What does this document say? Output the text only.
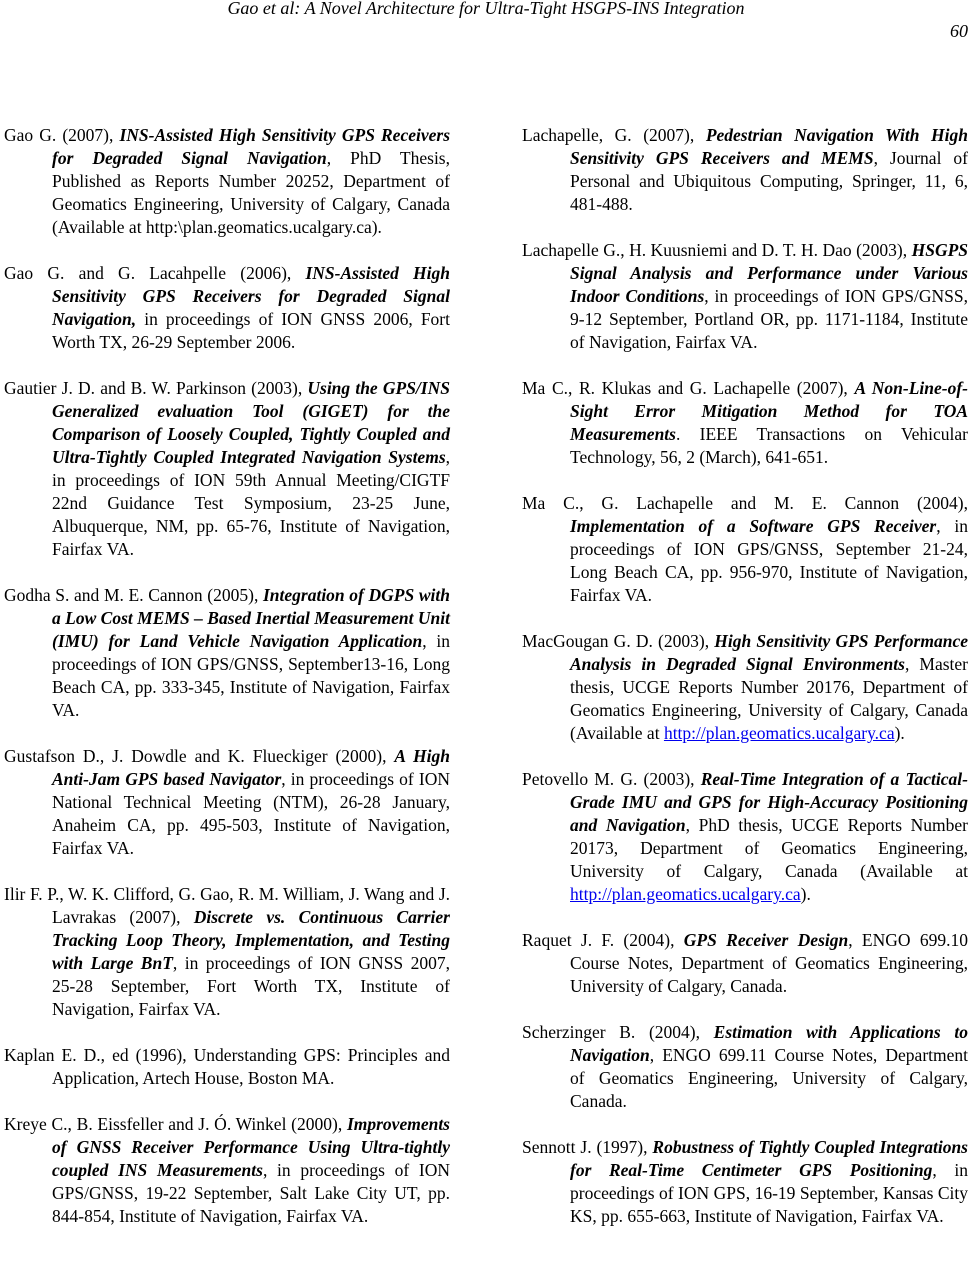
Gao et al: A Novel Architecture for Ultra-Tight HSGPS-INS Integration
60

Gao G. (2007), INS-Assisted High Sensitivity GPS Receivers for Degraded Signal Navigation, PhD Thesis, Published as Reports Number 20252, Department of Geomatics Engineering, University of Calgary, Canada (Available at http:\plan.geomatics.ucalgary.ca).

Gao G. and G. Lacahpelle (2006), INS-Assisted High Sensitivity GPS Receivers for Degraded Signal Navigation, in proceedings of ION GNSS 2006, Fort Worth TX, 26-29 September 2006.

Gautier J. D. and B. W. Parkinson (2003), Using the GPS/INS Generalized evaluation Tool (GIGET) for the Comparison of Loosely Coupled, Tightly Coupled and Ultra-Tightly Coupled Integrated Navigation Systems, in proceedings of ION 59th Annual Meeting/CIGTF 22nd Guidance Test Symposium, 23-25 June, Albuquerque, NM, pp. 65-76, Institute of Navigation, Fairfax VA.

Godha S. and M. E. Cannon (2005), Integration of DGPS with a Low Cost MEMS – Based Inertial Measurement Unit (IMU) for Land Vehicle Navigation Application, in proceedings of ION GPS/GNSS, September13-16, Long Beach CA, pp. 333-345, Institute of Navigation, Fairfax VA.

Gustafson D., J. Dowdle and K. Flueckiger (2000), A High Anti-Jam GPS based Navigator, in proceedings of ION National Technical Meeting (NTM), 26-28 January, Anaheim CA, pp. 495-503, Institute of Navigation, Fairfax VA.

Ilir F. P., W. K. Clifford, G. Gao, R. M. William, J. Wang and J. Lavrakas (2007), Discrete vs. Continuous Carrier Tracking Loop Theory, Implementation, and Testing with Large BnT, in proceedings of ION GNSS 2007, 25-28 September, Fort Worth TX, Institute of Navigation, Fairfax VA.

Kaplan E. D., ed (1996), Understanding GPS: Principles and Application, Artech House, Boston MA.

Kreye C., B. Eissfeller and J. Ó. Winkel (2000), Improvements of GNSS Receiver Performance Using Ultra-tightly coupled INS Measurements, in proceedings of ION GPS/GNSS, 19-22 September, Salt Lake City UT, pp. 844-854, Institute of Navigation, Fairfax VA.

Lachapelle, G. (2007), Pedestrian Navigation With High Sensitivity GPS Receivers and MEMS, Journal of Personal and Ubiquitous Computing, Springer, 11, 6, 481-488.

Lachapelle G., H. Kuusniemi and D. T. H. Dao (2003), HSGPS Signal Analysis and Performance under Various Indoor Conditions, in proceedings of ION GPS/GNSS, 9-12 September, Portland OR, pp. 1171-1184, Institute of Navigation, Fairfax VA.

Ma C., R. Klukas and G. Lachapelle (2007), A Non-Line-of-Sight Error Mitigation Method for TOA Measurements. IEEE Transactions on Vehicular Technology, 56, 2 (March), 641-651.

Ma C., G. Lachapelle and M. E. Cannon (2004), Implementation of a Software GPS Receiver, in proceedings of ION GPS/GNSS, September 21-24, Long Beach CA, pp. 956-970, Institute of Navigation, Fairfax VA.

MacGougan G. D. (2003), High Sensitivity GPS Performance Analysis in Degraded Signal Environments, Master thesis, UCGE Reports Number 20176, Department of Geomatics Engineering, University of Calgary, Canada (Available at http://plan.geomatics.ucalgary.ca).

Petovello M. G. (2003), Real-Time Integration of a Tactical-Grade IMU and GPS for High-Accuracy Positioning and Navigation, PhD thesis, UCGE Reports Number 20173, Department of Geomatics Engineering, University of Calgary, Canada (Available at http://plan.geomatics.ucalgary.ca).

Raquet J. F. (2004), GPS Receiver Design, ENGO 699.10 Course Notes, Department of Geomatics Engineering, University of Calgary, Canada.

Scherzinger B. (2004), Estimation with Applications to Navigation, ENGO 699.11 Course Notes, Department of Geomatics Engineering, University of Calgary, Canada.

Sennott J. (1997), Robustness of Tightly Coupled Integrations for Real-Time Centimeter GPS Positioning, in proceedings of ION GPS, 16-19 September, Kansas City KS, pp. 655-663, Institute of Navigation, Fairfax VA.
